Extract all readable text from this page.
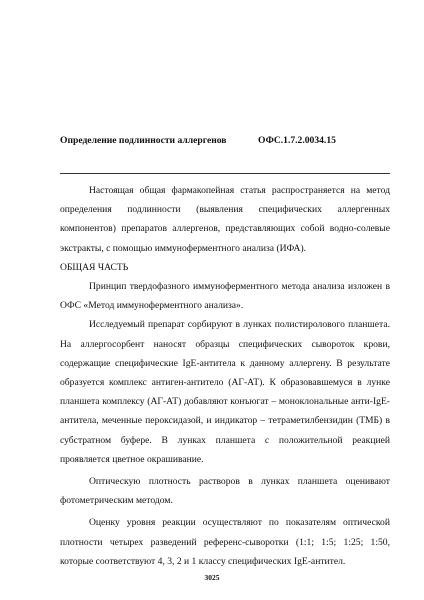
Определение подлинности аллергенов	ОФС.1.7.2.0034.15

Настоящая общая фармакопейная статья распространяется на метод определения подлинности (выявления специфических аллергенных компонентов) препаратов аллергенов, представляющих собой водно-солевые экстракты, с помощью иммуноферментного анализа (ИФА).

ОБЩАЯ ЧАСТЬ

Принцип твердофазного иммуноферментного метода анализа изложен в ОФС «Метод иммуноферментного анализа».

Исследуемый препарат сорбируют в лунках полистиролового планшета. На аллергосорбент наносят образцы специфических сывороток крови, содержащие специфические IgE-антитела к данному аллергену. В результате образуется комплекс антиген-антитело (АГ-АТ). К образовавшемуся в лунке планшета комплексу (АГ-АТ) добавляют конъюгат – моноклональные анти-IgE-антитела, меченные пероксидазой, и индикатор – тетраметилбензидин (ТМБ) в субстратном буфере. В лунках планшета с положительной реакцией проявляется цветное окрашивание.

Оптическую плотность растворов в лунках планшета оценивают фотометрическим методом.

Оценку уровня реакции осуществляют по показателям оптической плотности четырех разведений референс-сыворотки (1:1; 1:5; 1:25; 1:50, которые соответствуют 4, 3, 2 и 1 классу специфических IgE-антител.

3025
